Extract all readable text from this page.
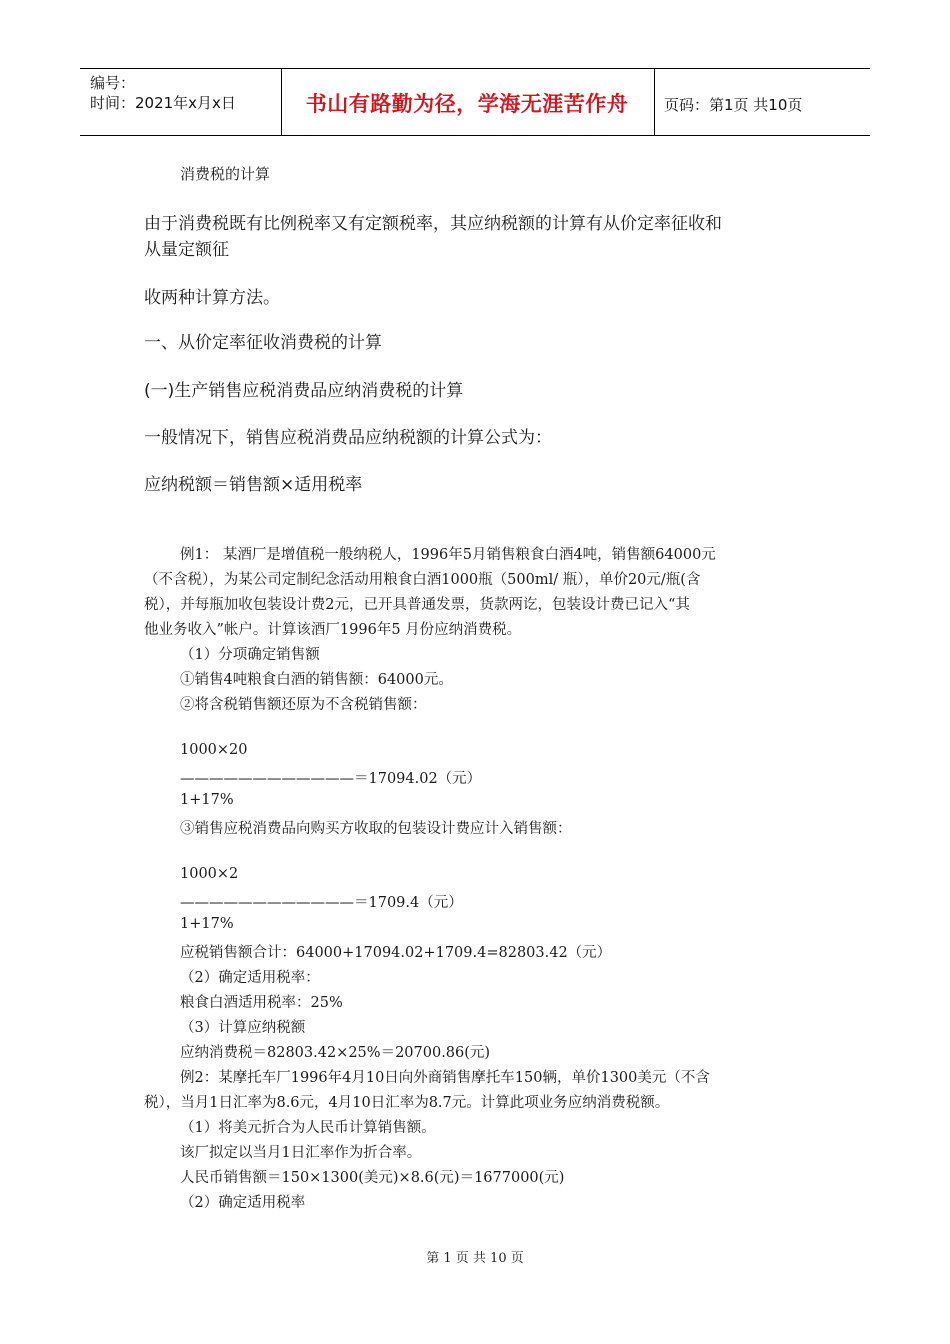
编号：
时间：2021年x月x日	书山有路勤为径，学海无涯苦作舟	页码：第1页 共10页
消费税的计算
由于消费税既有比例税率又有定额税率，其应纳税额的计算有从价定率征收和
从量定额征
收两种计算方法。
一、从价定率征收消费税的计算
(一)生产销售应税消费品应纳消费税的计算
一般情况下，销售应税消费品应纳税额的计算公式为：
应纳税额＝销售额×适用税率
例1： 某酒厂是增值税一般纳税人，1996年5月销售粮食白酒4吨，销售额64000元
（不含税），为某公司定制纪念活动用粮食白酒1000瓶（500ml/ 瓶），单价20元/瓶(含
税），并每瓶加收包装设计费2元，已开具普通发票，货款两讫，包装设计费已记入“其
他业务收入”帐户。计算该酒厂1996年5 月份应纳消费税。
（1）分项确定销售额
①销售4吨粮食白酒的销售额：64000元。
②将含税销售额还原为不含税销售额：
1000×20
————————————＝17094.02（元）
1+17%
③销售应税消费品向购买方收取的包装设计费应计入销售额：
1000×2
————————————＝1709.4（元）
1+17%
应税销售额合计：64000+17094.02+1709.4=82803.42（元）
（2）确定适用税率：
粮食白酒适用税率：25%
（3）计算应纳税额
应纳消费税＝82803.42×25%＝20700.86(元)
例2：某摩托车厂1996年4月10日向外商销售摩托车150辆，单价1300美元（不含
税），当月1日汇率为8.6元，4月10日汇率为8.7元。计算此项业务应纳消费税额。
（1）将美元折合为人民币计算销售额。
该厂拟定以当月1日汇率作为折合率。
人民币销售额＝150×1300(美元)×8.6(元)＝1677000(元)
（2）确定适用税率
第 1 页 共 10 页
